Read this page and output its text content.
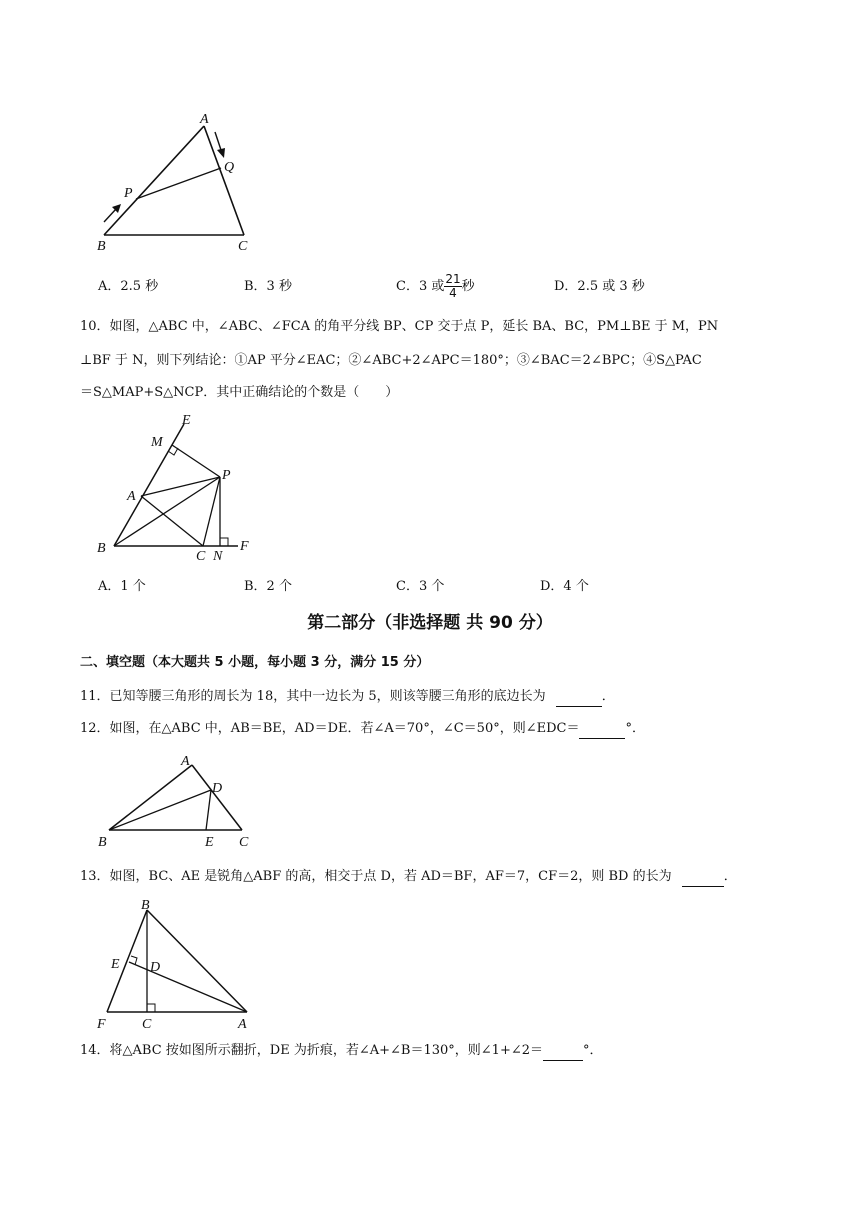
A
Q
P
B	C
A．2.5 秒	B．3 秒	C．3 或 $\frac{21}{4}$ 秒	D．2.5 或 3 秒
10．如图，△ABC 中，∠ABC、∠FCA 的角平分线 BP、CP 交于点 P，延长 BA、BC，PM⊥BE 于 M，PN
⊥BF 于 N，则下列结论：①AP 平分∠EAC；②∠ABC+2∠APC＝180°；③∠BAC＝2∠BPC；④S△PAC
＝S△MAP+S△NCP．其中正确结论的个数是（　　）
E
M
P
A
B
C N
F
A．1 个	B．2 个	C．3 个	D．4 个
第二部分（非选择题 共 90 分）
二、填空题（本大题共 5 小题，每小题 3 分，满分 15 分）
11．已知等腰三角形的周长为 18，其中一边长为 5，则该等腰三角形的底边长为	．
12．如图，在△ABC 中，AB＝BE，AD＝DE．若∠A＝70°，∠C＝50°，则∠EDC＝	°．
A
D
B	E C
13．如图，BC、AE 是锐角△ABF 的高，相交于点 D，若 AD＝BF，AF＝7，CF＝2，则 BD 的长为	．
B
E D
F	C	A
14．将△ABC 按如图所示翻折，DE 为折痕，若∠A+∠B＝130°，则∠1+∠2＝	°．
